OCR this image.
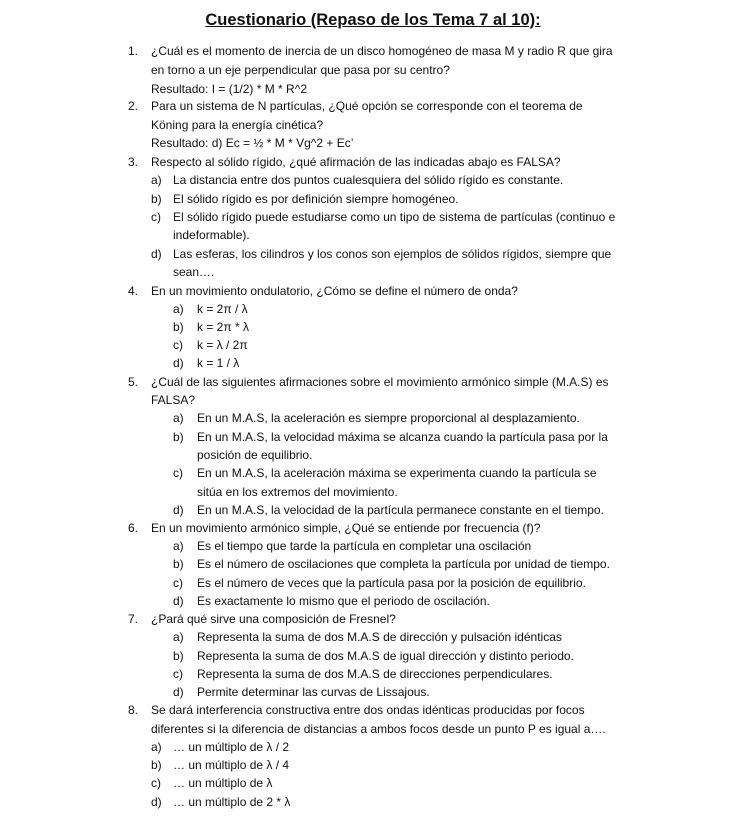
Cuestionario (Repaso de los Tema 7 al 10):
1. ¿Cuál es el momento de inercia de un disco homogéneo de masa M y radio R que gira
en torno a un eje perpendicular que pasa por su centro?
Resultado: I = (1/2) * M * R^2
2. Para un sistema de N partículas, ¿Qué opción se corresponde con el teorema de
Köning para la energía cinética?
Resultado: d) Ec = ½ * M * Vg^2 + Ec’
3. Respecto al sólido rígido, ¿qué afirmación de las indicadas abajo es FALSA?
a) La distancia entre dos puntos cualesquiera del sólido rígido es constante.
b) El sólido rígido es por definición siempre homogéneo.
c) El sólido rígido puede estudiarse como un tipo de sistema de partículas (continuo e
indeformable).
d) Las esferas, los cilindros y los conos son ejemplos de sólidos rígidos, siempre que
sean….
4. En un movimiento ondulatorio, ¿Cómo se define el número de onda?
a) k = 2π / λ
b) k = 2π * λ
c) k = λ / 2π
d) k = 1 / λ
5. ¿Cuál de las siguientes afirmaciones sobre el movimiento armónico simple (M.A.S) es
FALSA?
a) En un M.A.S, la aceleración es siempre proporcional al desplazamiento.
b) En un M.A.S, la velocidad máxima se alcanza cuando la partícula pasa por la
posición de equilibrio.
c) En un M.A.S, la aceleración máxima se experimenta cuando la partícula se
sitúa en los extremos del movimiento.
d) En un M.A.S, la velocidad de la partícula permanece constante en el tiempo.
6. En un movimiento armónico simple, ¿Qué se entiende por frecuencia (f)?
a) Es el tiempo que tarde la partícula en completar una oscilación
b) Es el número de oscilaciones que completa la partícula por unidad de tiempo.
c) Es el número de veces que la partícula pasa por la posición de equilibrio.
d) Es exactamente lo mismo que el periodo de oscilación.
7. ¿Pará qué sirve una composición de Fresnel?
a) Representa la suma de dos M.A.S de dirección y pulsación idénticas
b) Representa la suma de dos M.A.S de igual dirección y distinto periodo.
c) Representa la suma de dos M.A.S de direcciones perpendiculares.
d) Permite determinar las curvas de Lissajous.
8. Se dará interferencia constructiva entre dos ondas idénticas producidas por focos
diferentes si la diferencia de distancias a ambos focos desde un punto P es igual a….
a) … un múltiplo de λ / 2
b) … un múltiplo de λ / 4
c) … un múltiplo de λ
d) … un múltiplo de 2 * λ
